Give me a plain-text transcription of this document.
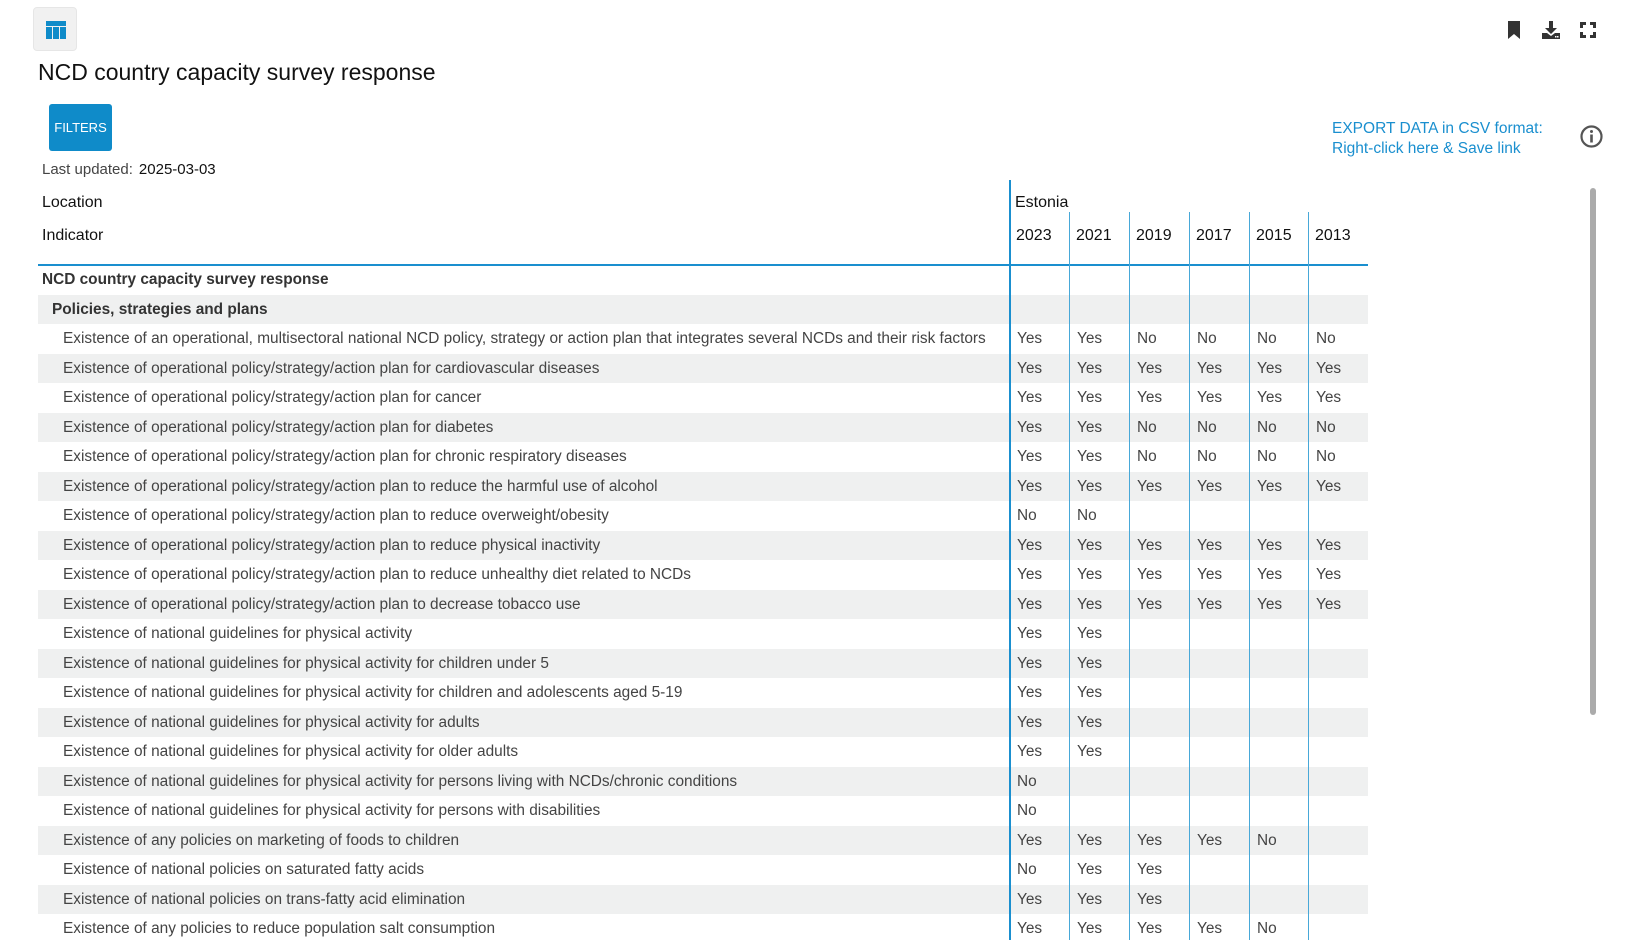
NCD country capacity survey response
FILTERS
Last updated: 2025-03-03
EXPORT DATA in CSV format:
Right-click here & Save link
Location	Estonia
Indicator	2023 2021 2019 2017 2015 2013
NCD country capacity survey response
Policies, strategies and plans
Existence of an operational, multisectoral national NCD policy, strategy or action plan that integrates several NCDs and their risk factors	Yes	Yes	No	No	No	No
Existence of operational policy/strategy/action plan for cardiovascular diseases	Yes	Yes	Yes	Yes	Yes	Yes
Existence of operational policy/strategy/action plan for cancer	Yes	Yes	Yes	Yes	Yes	Yes
Existence of operational policy/strategy/action plan for diabetes	Yes	Yes	No	No	No	No
Existence of operational policy/strategy/action plan for chronic respiratory diseases	Yes	Yes	No	No	No	No
Existence of operational policy/strategy/action plan to reduce the harmful use of alcohol	Yes	Yes	Yes	Yes	Yes	Yes
Existence of operational policy/strategy/action plan to reduce overweight/obesity	No	No
Existence of operational policy/strategy/action plan to reduce physical inactivity	Yes	Yes	Yes	Yes	Yes	Yes
Existence of operational policy/strategy/action plan to reduce unhealthy diet related to NCDs	Yes	Yes	Yes	Yes	Yes	Yes
Existence of operational policy/strategy/action plan to decrease tobacco use	Yes	Yes	Yes	Yes	Yes	Yes
Existence of national guidelines for physical activity	Yes	Yes
Existence of national guidelines for physical activity for children under 5	Yes	Yes
Existence of national guidelines for physical activity for children and adolescents aged 5-19	Yes	Yes
Existence of national guidelines for physical activity for adults	Yes	Yes
Existence of national guidelines for physical activity for older adults	Yes	Yes
Existence of national guidelines for physical activity for persons living with NCDs/chronic conditions	No
Existence of national guidelines for physical activity for persons with disabilities	No
Existence of any policies on marketing of foods to children	Yes	Yes	Yes	Yes	No
Existence of national policies on saturated fatty acids	No	Yes	Yes
Existence of national policies on trans-fatty acid elimination	Yes	Yes	Yes
Existence of any policies to reduce population salt consumption	Yes	Yes	Yes	Yes	No
